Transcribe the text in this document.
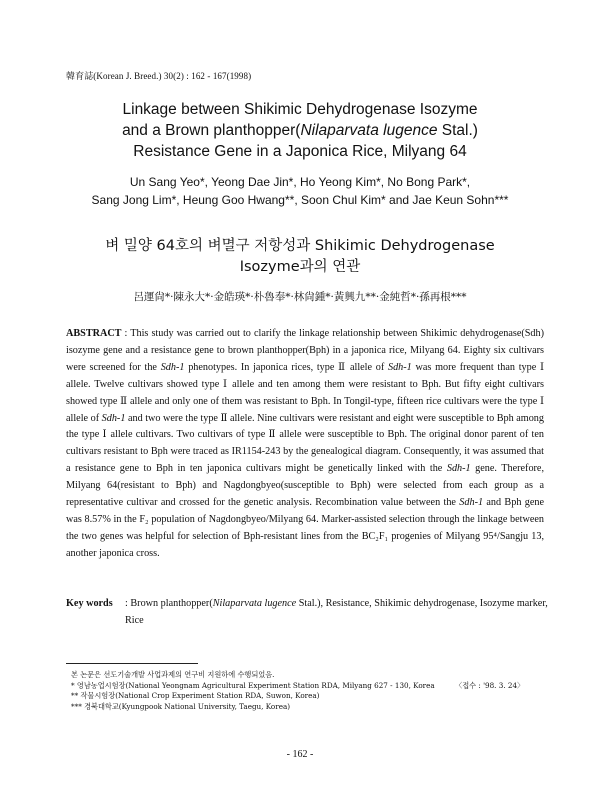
韓育誌(Korean J. Breed.) 30(2) : 162 - 167(1998)
Linkage between Shikimic Dehydrogenase Isozyme
and a Brown planthopper(Nilaparvata lugence Stal.)
Resistance Gene in a Japonica Rice, Milyang 64
Un Sang Yeo*, Yeong Dae Jin*, Ho Yeong Kim*, No Bong Park*,
Sang Jong Lim*, Heung Goo Hwang**, Soon Chul Kim* and Jae Keun Sohn***
벼 밀양 64호의 벼멸구 저항성과 Shikimic Dehydrogenase
Isozyme과의 연관
呂運尙*·陳永大*·金皓瑛*·朴魯奉*·林尙鍾*·黃興九**·金純哲*·孫再根***
ABSTRACT : This study was carried out to clarify the linkage relationship between Shikimic dehydrogenase(Sdh) isozyme gene and a resistance gene to brown planthopper(Bph) in a japonica rice, Milyang 64. Eighty six cultivars were screened for the Sdh-1 phenotypes. In japonica rices, type Ⅱ allele of Sdh-1 was more frequent than type Ⅰ allele. Twelve cultivars showed type Ⅰ allele and ten among them were resistant to Bph. But fifty eight cultivars showed type Ⅱ allele and only one of them was resistant to Bph. In Tongil-type, fifteen rice cultivars were the type Ⅰ allele of Sdh-1 and two were the type Ⅱ allele. Nine cultivars were resistant and eight were susceptible to Bph among the type Ⅰ allele cultivars. Two cultivars of type Ⅱ allele were susceptible to Bph. The original donor parent of ten cultivars resistant to Bph were traced as IR1154-243 by the genealogical diagram. Consequently, it was assumed that a resistance gene to Bph in ten japonica cultivars might be genetically linked with the Sdh-1 gene. Therefore, Milyang 64(resistant to Bph) and Nagdongbyeo(susceptible to Bph) were selected from each group as a representative cultivar and crossed for the genetic analysis. Recombination value between the Sdh-1 and Bph gene was 8.57% in the F₂ population of Nagdongbyeo/Milyang 64. Marker-assisted selection through the linkage between the two genes was helpful for selection of Bph-resistant lines from the BC₂F₁ progenies of Milyang 95⁴/Sangju 13, another japonica cross.
Key words : Brown planthopper(Nilaparvata lugence Stal.), Resistance, Shikimic dehydrogenase, Isozyme marker, Rice
본 논문은 선도기술개발 사업과제의 연구비 지원하에 수행되었음.
* 영남농업시험장(National Yeongnam Agricultural Experiment Station RDA, Milyang 627 - 130, Korea	〈접수 : '98. 3. 24〉
** 작물시험장(National Crop Experiment Station RDA, Suwon, Korea)
*** 경북대학교(Kyungpook National University, Taegu, Korea)
- 162 -
